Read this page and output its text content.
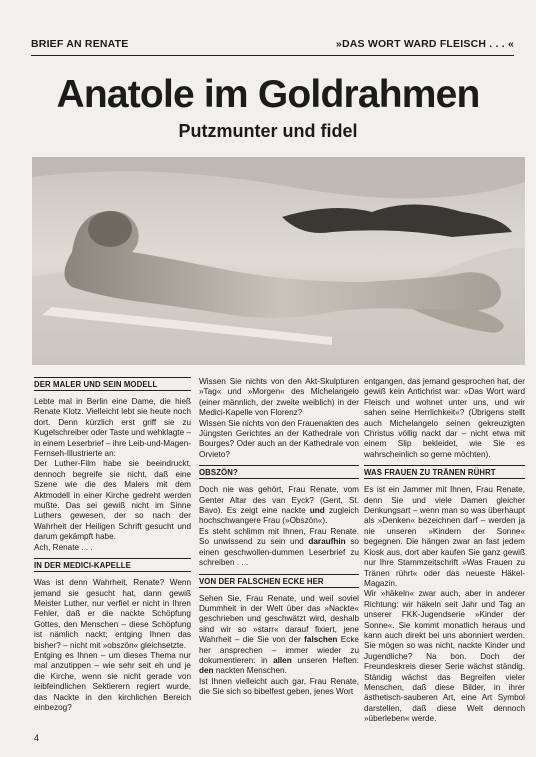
BRIEF AN RENATE	»DAS WORT WARD FLEISCH . . . «
Anatole im Goldrahmen
Putzmunter und fidel
DER MALER UND SEIN MODELL

Lebte mal in Berlin eine Dame, die hieß Renate Klotz. Vielleicht lebt sie heute noch dort. Denn kürzlich erst griff sie zu Kugelschreiber oder Taste und wehklagte – in einem Leserbrief – ihre Leib-und-Magen-Fernseh-Illustrierte an:

Der Luther-Film habe sie beeindruckt, dennoch begreife sie nicht, daß eine Szene wie die des Malers mit dem Aktmodell in einer Kirche gedreht werden mußte. Das sei gewiß nicht im Sinne Luthers gewesen, der so nach der Wahrheit der Heiligen Schrift gesucht und darum gekämpft habe.

Ach, Renate . . .

IN DER MEDICI-KAPELLE

Was ist denn Wahrheit, Renate? Wenn jemand sie gesucht hat, dann gewiß Meister Luther, nur verfiel er nicht in Ihren Fehler, daß er die nackte Schöpfung Gottes, den Menschen – diese Schöpfung ist nämlich nackt; entging Ihnen das bisher? – nicht mit »obszön« gleichsetzte.

Entging es Ihnen – um dieses Thema nur mal anzutippen – wie sehr seit eh und je die Kirche, wenn sie nicht gerade von leibfeindlichen Sektierern regiert wurde, das Nackte in den kirchlichen Bereich einbezog?

Wissen Sie nichts von den Akt-Skulpturen »Tag« und »Morgen« des Michelangelo (einer männlich, der zweite weiblich) in der Medici-Kapelle von Florenz?

Wissen Sie nichts von den Frauenakten des Jüngsten Gerichtes an der Kathedrale von Bourges? Oder auch an der Kathedrale von Orvieto?

OBSZÖN?

Doch nie was gehört, Frau Renate, vom Genter Altar des van Eyck? (Gent, St. Bavo). Es zeigt eine nackte und zugleich hochschwangere Frau (»Obszön«).

Es steht schlimm mit Ihnen, Frau Renate. So unwissend zu sein und daraufhin so einen geschwollen-dummen Leserbrief zu schreiben . . .

VON DER FALSCHEN ECKE HER

Sehen Sie, Frau Renate, und weil soviel Dummheit in der Welt über das »Nackte« geschrieben und geschwätzt wird, deshalb sind wir so »starr« darauf fixiert, jene Wahrheit – die Sie von der falschen Ecke her ansprechen – immer wieder zu dokumentieren: in allen unseren Heften: den nackten Menschen.

Ist Ihnen vielleicht auch gar, Frau Renate, die Sie sich so bibelfest geben, jenes Wort

entgangen, das jemand gesprochen hat, der gewiß kein Antichrist war: »Das Wort ward Fleisch und wohnet unter uns, und wir sahen seine Herrlichkeit«? (Übrigens stellt auch Michelangelo seinen gekreuzigten Christus völlig nackt dar – nicht etwa mit einem Slip bekleidet, wie Sie es wahrscheinlich so gerne möchten).

WAS FRAUEN ZU TRÄNEN RÜHRT

Es ist ein Jammer mit Ihnen, Frau Renate, denn Sie und viele Damen gleicher Denkungsart – wenn man so was überhaupt als »Denken« bezeichnen darf – werden ja nie unseren »Kindern der Sonne« begegnen. Die hängen zwar an fast jedem Kiosk aus, dort aber kaufen Sie ganz gewiß nur Ihre Stammzeitschrift »Was Frauen zu Tränen rührt« oder das neueste Häkel-Magazin.

Wir »häkeln« zwar auch, aber in anderer Richtung: wir häkeln seit Jahr und Tag an unserer FKK-Jugendserie »Kinder der Sonne«. Sie kommt monatlich heraus und kann auch direkt bei uns abonniert werden. Sie mögen so was nicht, nackte Kinder und Jugendliche? Na bon. Doch der Freundeskreis dieser Serie wächst ständig. Ständig wächst das Begreifen vieler Menschen, daß diese Bilder, in ihrer ästhetisch-sauberen Art, eine Art Symbol darstellen, daß diese Welt dennoch »überleben« werde.

4
